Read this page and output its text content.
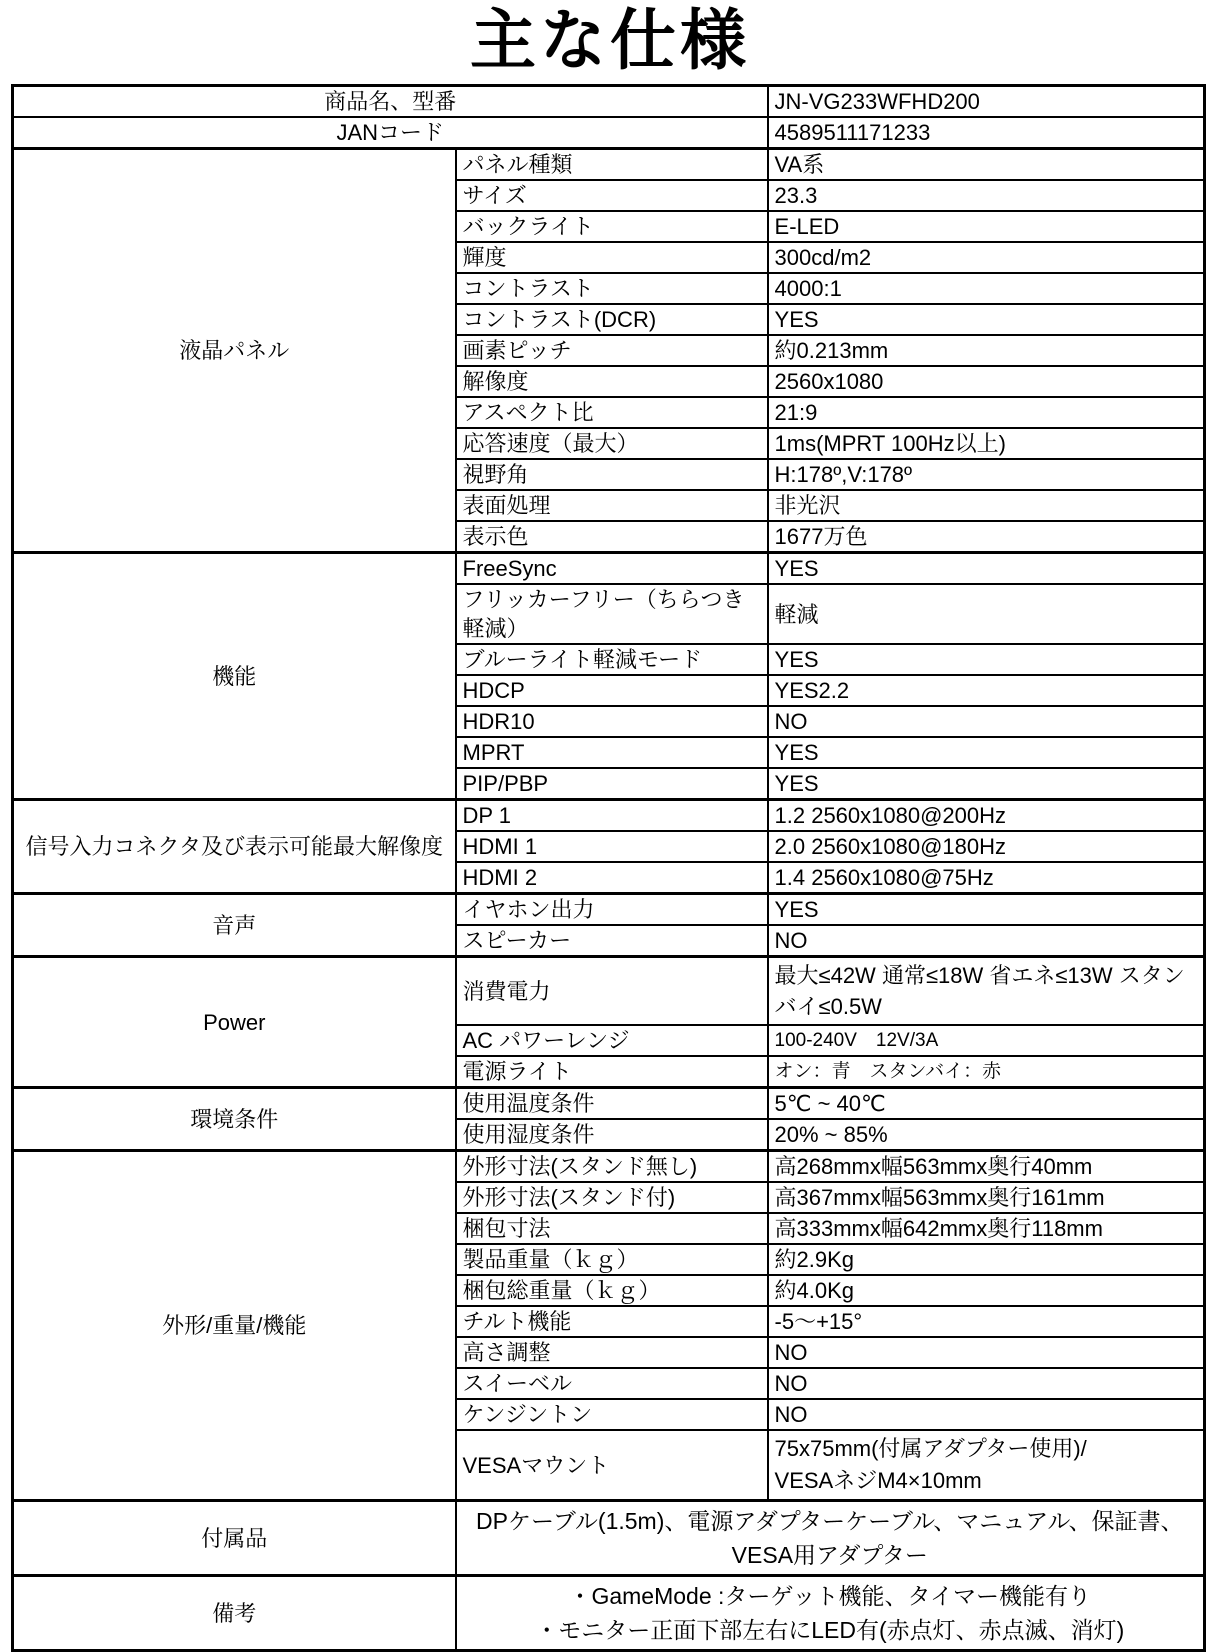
主な仕様
商品名、型番		JN-VG233WFHD200
JANコード		4589511171233
液晶パネル	パネル種類	VA系
	サイズ	23.3
	バックライト	E-LED
	輝度	300cd/m2
	コントラスト	4000:1
	コントラスト(DCR)	YES
	画素ピッチ	約0.213mm
	解像度	2560x1080
	アスペクト比	21:9
	応答速度（最大）	1ms(MPRT 100Hz以上)
	視野角	H:178º,V:178º
	表面処理	非光沢
	表示色	1677万色
機能	FreeSync	YES
	フリッカーフリー（ちらつき軽減）	軽減
	ブルーライト軽減モード	YES
	HDCP	YES2.2
	HDR10	NO
	MPRT	YES
	PIP/PBP	YES
信号入力コネクタ及び表示可能最大解像度	DP 1	1.2 2560x1080@200Hz
	HDMI 1	2.0 2560x1080@180Hz
	HDMI 2	1.4 2560x1080@75Hz
音声	イヤホン出力	YES
	スピーカー	NO
Power	消費電力	最大≤42W 通常≤18W 省エネ≤13W スタンバイ≤0.5W
	AC パワーレンジ	100-240V　12V/3A
	電源ライト	オン：青　スタンバイ：赤
環境条件	使用温度条件	5℃ ~ 40℃
	使用湿度条件	20% ~ 85%
外形/重量/機能	外形寸法(スタンド無し)	高268mmx幅563mmx奥行40mm
	外形寸法(スタンド付)	高367mmx幅563mmx奥行161mm
	梱包寸法	高333mmx幅642mmx奥行118mm
	製品重量（ｋｇ）	約2.9Kg
	梱包総重量（ｋｇ）	約4.0Kg
	チルト機能	-5～+15°
	高さ調整	NO
	スイーベル	NO
	ケンジントン	NO
	VESAマウント	75x75mm(付属アダプター使用)/
VESAネジM4×10mm

付属品	DPケーブル(1.5m)、電源アダプターケーブル、マニュアル、保証書、
VESA用アダプター	

備考	・GameMode :ターゲット機能、タイマー機能有り
・モニター正面下部左右にLED有(赤点灯、赤点滅、消灯)	
